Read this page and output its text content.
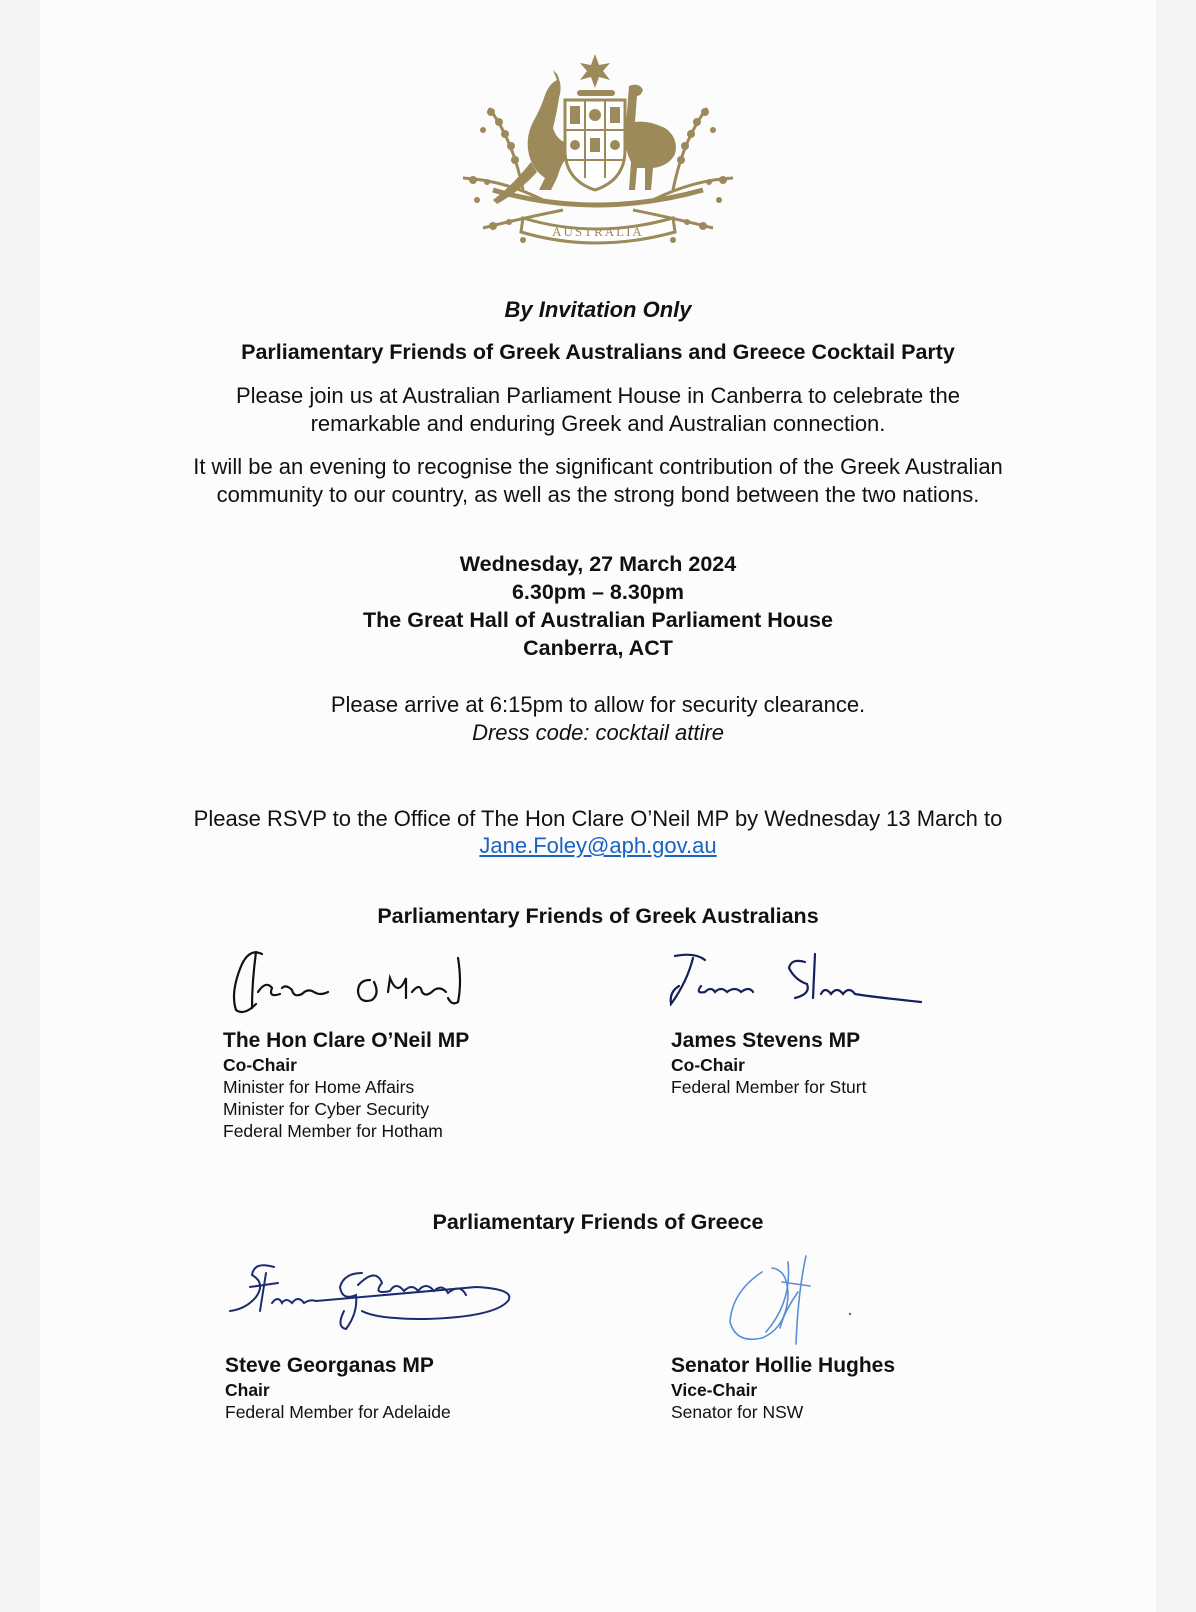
AUSTRALIA

By Invitation Only

Parliamentary Friends of Greek Australians and Greece Cocktail Party

Please join us at Australian Parliament House in Canberra to celebrate the

remarkable and enduring Greek and Australian connection.

It will be an evening to recognise the significant contribution of the Greek Australian

community to our country, as well as the strong bond between the two nations.

Wednesday, 27 March 2024

6.30pm – 8.30pm

The Great Hall of Australian Parliament House

Canberra, ACT

Please arrive at 6:15pm to allow for security clearance.

Dress code: cocktail attire

Please RSVP to the Office of The Hon Clare O’Neil MP by Wednesday 13 March to

Jane.Foley@aph.gov.au

Parliamentary Friends of Greek Australians

The Hon Clare O’Neil MP
Co-Chair
Minister for Home Affairs
Minister for Cyber Security
Federal Member for Hotham
James Stevens MP
Co-Chair
Federal Member for Sturt

Parliamentary Friends of Greece

Steve Georganas MP
Chair
Federal Member for Adelaide
Senator Hollie Hughes
Vice-Chair
Senator for NSW
